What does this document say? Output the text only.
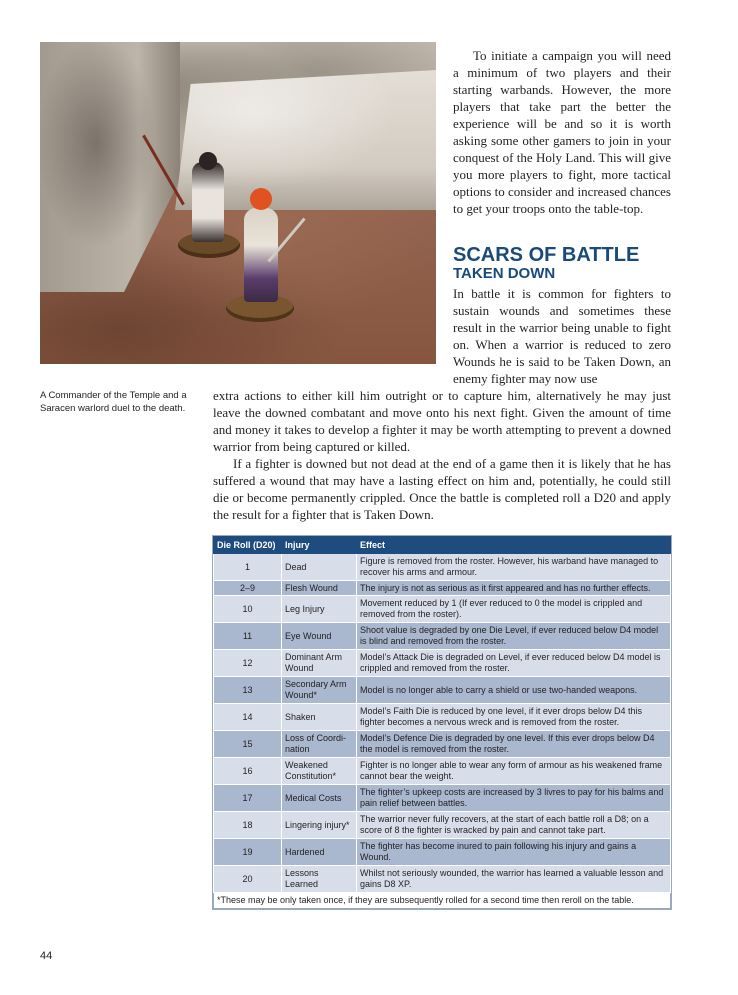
A Commander of the Temple and a Saracen warlord duel to the death.

To initiate a campaign you will need a minimum of two players and their starting warbands. However, the more players that take part the better the experience will be and so it is worth asking some other gamers to join in your conquest of the Holy Land. This will give you more players to fight, more tactical options to consider and increased chances to get your troops onto the table-top.

SCARS OF BATTLE
TAKEN DOWN

In battle it is common for fighters to sustain wounds and sometimes these result in the warrior being unable to fight on. When a warrior is reduced to zero Wounds he is said to be Taken Down, an enemy fighter may now use

extra actions to either kill him outright or to capture him, alternatively he may just leave the downed combatant and move onto his next fight. Given the amount of time and money it takes to develop a fighter it may be worth attempting to prevent a downed warrior from being captured or killed.

If a fighter is downed but not dead at the end of a game then it is likely that he has suffered a wound that may have a lasting effect on him and, potentially, he could still die or become permanently crippled. Once the battle is completed roll a D20 and apply the result for a fighter that is Taken Down.

Die Roll (D20)	Injury	Effect
1	Dead	Figure is removed from the roster. However, his warband have managed to recover his arms and armour.
2–9	Flesh Wound	The injury is not as serious as it first appeared and has no further effects.
10	Leg Injury	Movement reduced by 1 (If ever reduced to 0 the model is crippled and removed from the roster).
11	Eye Wound	Shoot value is degraded by one Die Level, if ever reduced below D4 model is blind and removed from the roster.
12	Dominant Arm Wound	Model’s Attack Die is degraded on Level, if ever reduced below D4 model is crippled and removed from the roster.
13	Secondary Arm Wound*	Model is no longer able to carry a shield or use two-handed weapons.
14	Shaken	Model’s Faith Die is reduced by one level, if it ever drops below D4 this fighter becomes a nervous wreck and is removed from the roster.
15	Loss of Coordi-nation	Model’s Defence Die is degraded by one level. If this ever drops below D4 the model is removed from the roster.
16	Weakened Constitution*	Fighter is no longer able to wear any form of armour as his weakened frame cannot bear the weight.
17	Medical Costs	The fighter’s upkeep costs are increased by 3 livres to pay for his balms and pain relief between battles.
18	Lingering injury*	The warrior never fully recovers, at the start of each battle roll a D8; on a score of 8 the fighter is wracked by pain and cannot take part.
19	Hardened	The fighter has become inured to pain following his injury and gains a Wound.
20	Lessons Learned	Whilst not seriously wounded, the warrior has learned a valuable lesson and gains D8 XP.
*These may be only taken once, if they are subsequently rolled for a second time then reroll on the table.		
44
